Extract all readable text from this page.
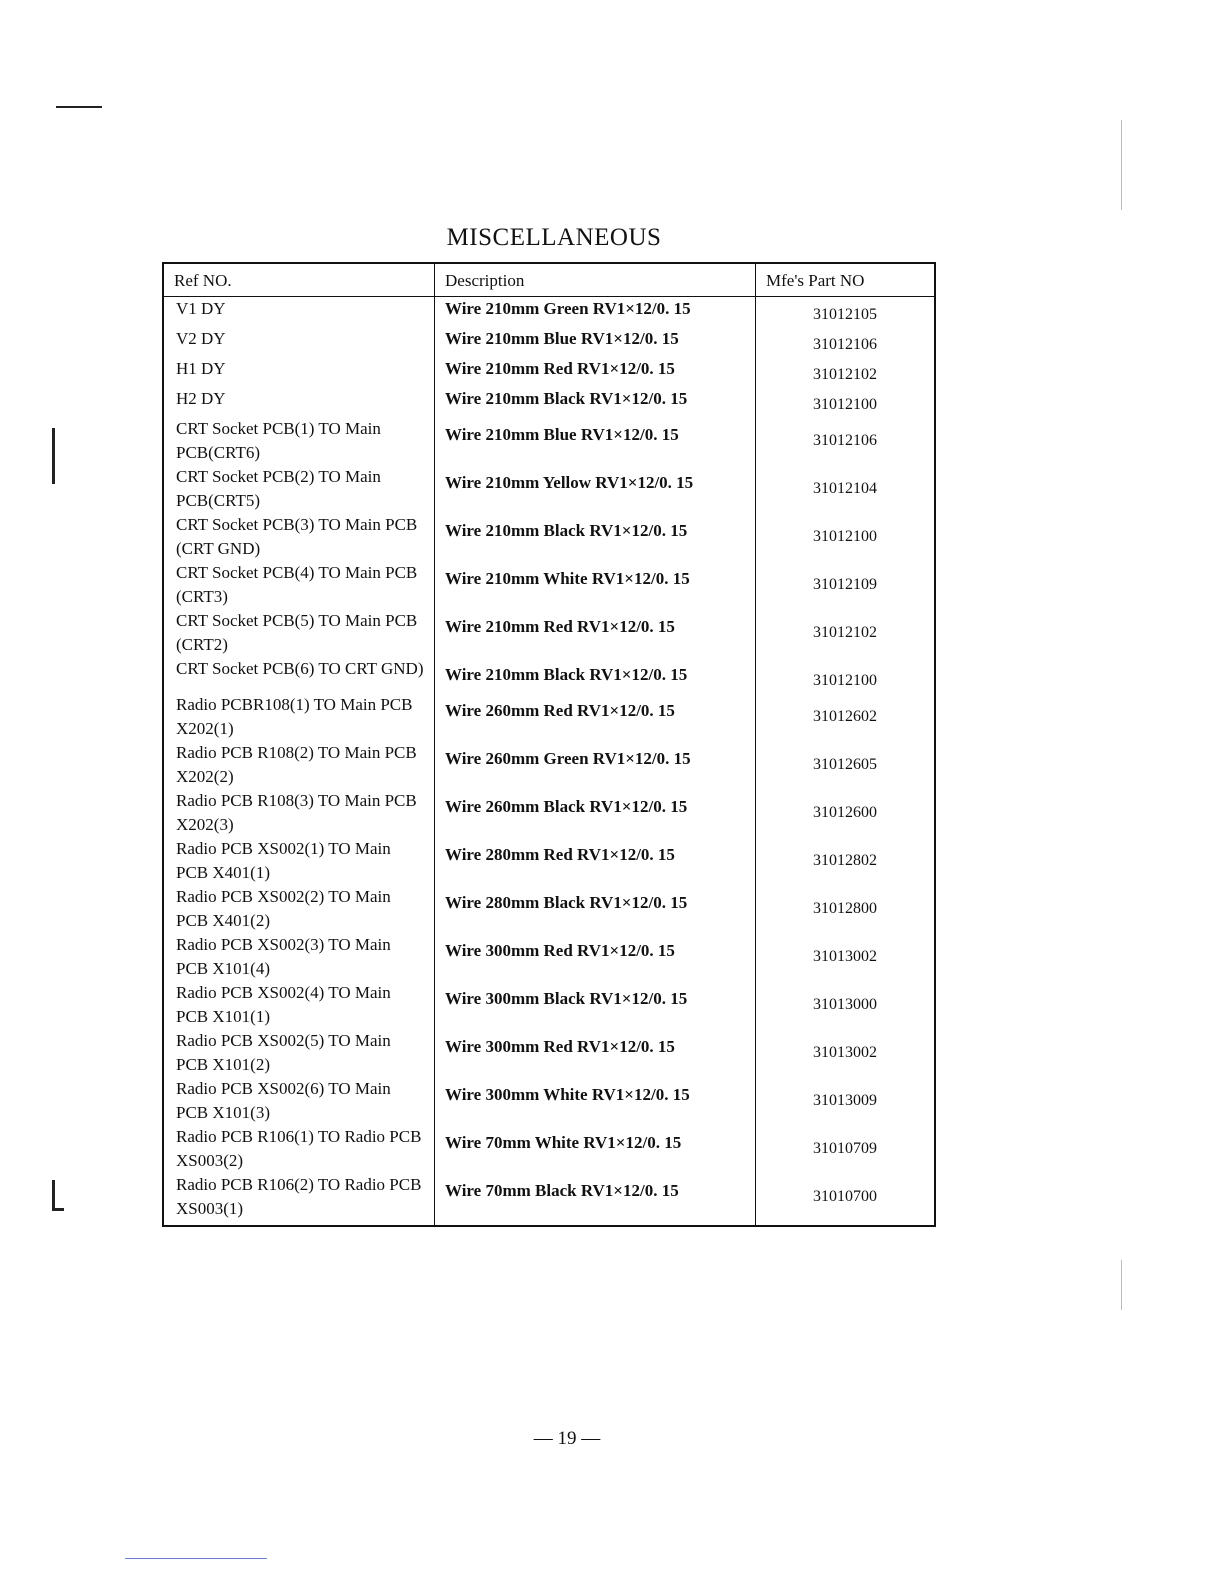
MISCELLANEOUS
Ref NO.	Description	Mfe's Part NO
V1 DY	Wire 210mm Green RV1×12/0. 15	31012105
V2 DY	Wire 210mm Blue RV1×12/0. 15	31012106
H1 DY	Wire 210mm Red RV1×12/0. 15	31012102
H2 DY	Wire 210mm Black RV1×12/0. 15	31012100
CRT Socket PCB(1) TO Main PCB(CRT6)	Wire 210mm Blue RV1×12/0. 15	31012106
CRT Socket PCB(2) TO Main PCB(CRT5)	Wire 210mm Yellow RV1×12/0. 15	31012104
CRT Socket PCB(3) TO Main PCB (CRT GND)	Wire 210mm Black RV1×12/0. 15	31012100
CRT Socket PCB(4) TO Main PCB (CRT3)	Wire 210mm White RV1×12/0. 15	31012109
CRT Socket PCB(5) TO Main PCB (CRT2)	Wire 210mm Red RV1×12/0. 15	31012102
CRT Socket PCB(6) TO CRT GND)	Wire 210mm Black RV1×12/0. 15	31012100
Radio PCBR108(1) TO Main PCB X202(1)	Wire 260mm Red RV1×12/0. 15	31012602
Radio PCB R108(2) TO Main PCB X202(2)	Wire 260mm Green RV1×12/0. 15	31012605
Radio PCB R108(3) TO Main PCB X202(3)	Wire 260mm Black RV1×12/0. 15	31012600
Radio PCB XS002(1) TO Main PCB X401(1)	Wire 280mm Red RV1×12/0. 15	31012802
Radio PCB XS002(2) TO Main PCB X401(2)	Wire 280mm Black RV1×12/0. 15	31012800
Radio PCB XS002(3) TO Main PCB X101(4)	Wire 300mm Red RV1×12/0. 15	31013002
Radio PCB XS002(4) TO Main PCB X101(1)	Wire 300mm Black RV1×12/0. 15	31013000
Radio PCB XS002(5) TO Main PCB X101(2)	Wire 300mm Red RV1×12/0. 15	31013002
Radio PCB XS002(6) TO Main PCB X101(3)	Wire 300mm White RV1×12/0. 15	31013009
Radio PCB R106(1) TO Radio PCB XS003(2)	Wire 70mm White RV1×12/0. 15	31010709
Radio PCB R106(2) TO Radio PCB XS003(1)	Wire 70mm Black RV1×12/0. 15	31010700
— 19 —
